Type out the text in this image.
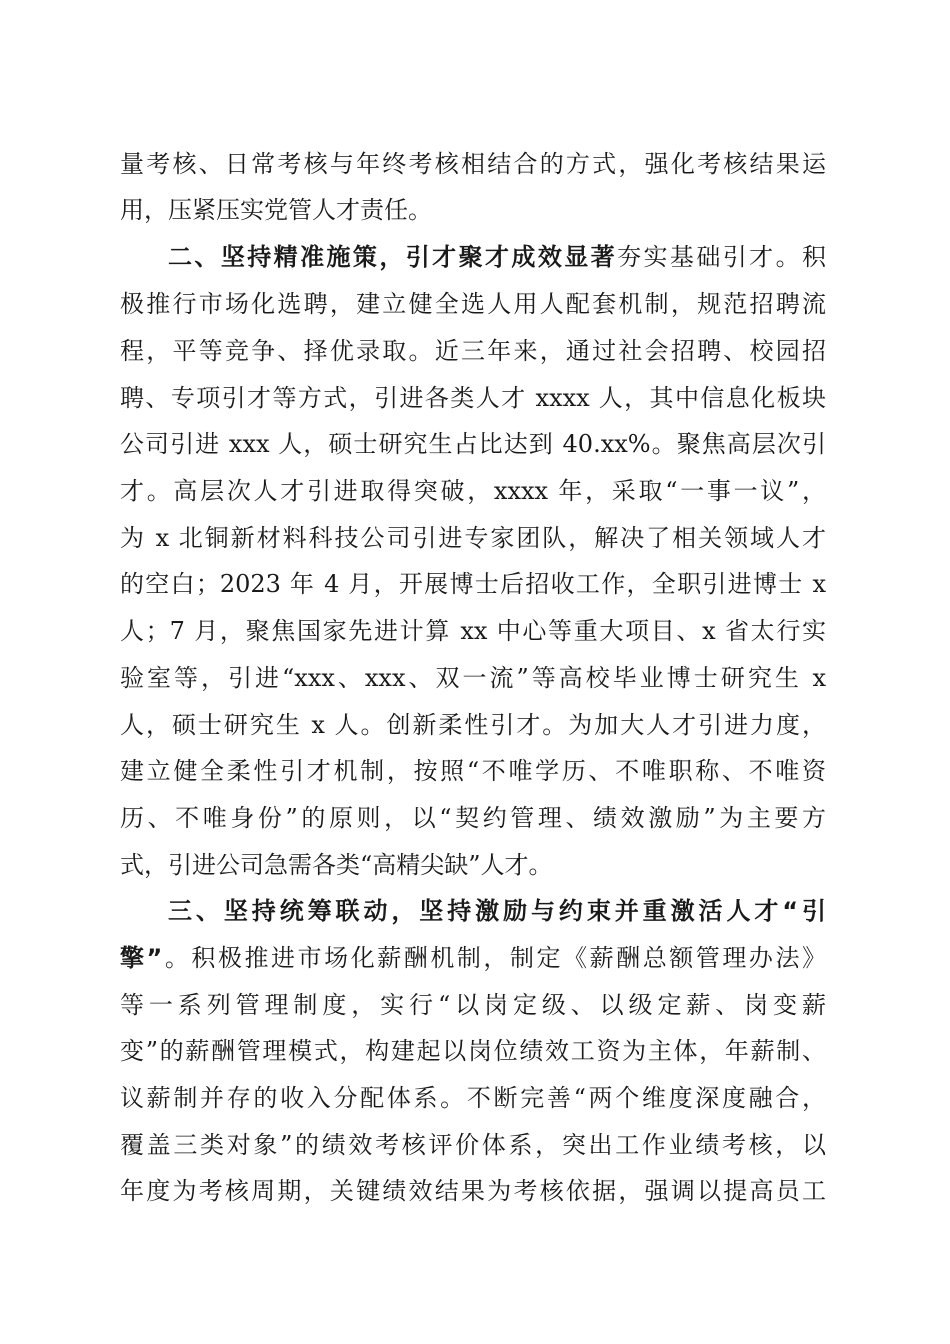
量考核、日常考核与年终考核相结合的方式，强化考核结果运

用，压紧压实党管人才责任。

二、坚持精准施策，引才聚才成效显著夯实基础引才。积

极推行市场化选聘，建立健全选人用人配套机制，规范招聘流

程，平等竞争、择优录取。近三年来，通过社会招聘、校园招

聘、专项引才等方式，引进各类人才 xxxx 人，其中信息化板块

公司引进 xxx 人，硕士研究生占比达到 40.xx%。聚焦高层次引

才。高层次人才引进取得突破，xxxx 年，采取“一事一议”，

为 x 北铜新材料科技公司引进专家团队，解决了相关领域人才

的空白；2023 年 4 月，开展博士后招收工作，全职引进博士 x

人；7 月，聚焦国家先进计算 xx 中心等重大项目、x 省太行实

验室等，引进“xxx、xxx、双一流”等高校毕业博士研究生 x

人，硕士研究生 x 人。创新柔性引才。为加大人才引进力度，

建立健全柔性引才机制，按照“不唯学历、不唯职称、不唯资

历、不唯身份”的原则，以“契约管理、绩效激励”为主要方

式，引进公司急需各类“高精尖缺”人才。

三、坚持统筹联动，坚持激励与约束并重激活人才“引

擎”。积极推进市场化薪酬机制，制定《薪酬总额管理办法》

等一系列管理制度，实行“以岗定级、以级定薪、岗变薪

变”的薪酬管理模式，构建起以岗位绩效工资为主体，年薪制、

议薪制并存的收入分配体系。不断完善“两个维度深度融合，

覆盖三类对象”的绩效考核评价体系，突出工作业绩考核，以

年度为考核周期，关键绩效结果为考核依据，强调以提高员工
